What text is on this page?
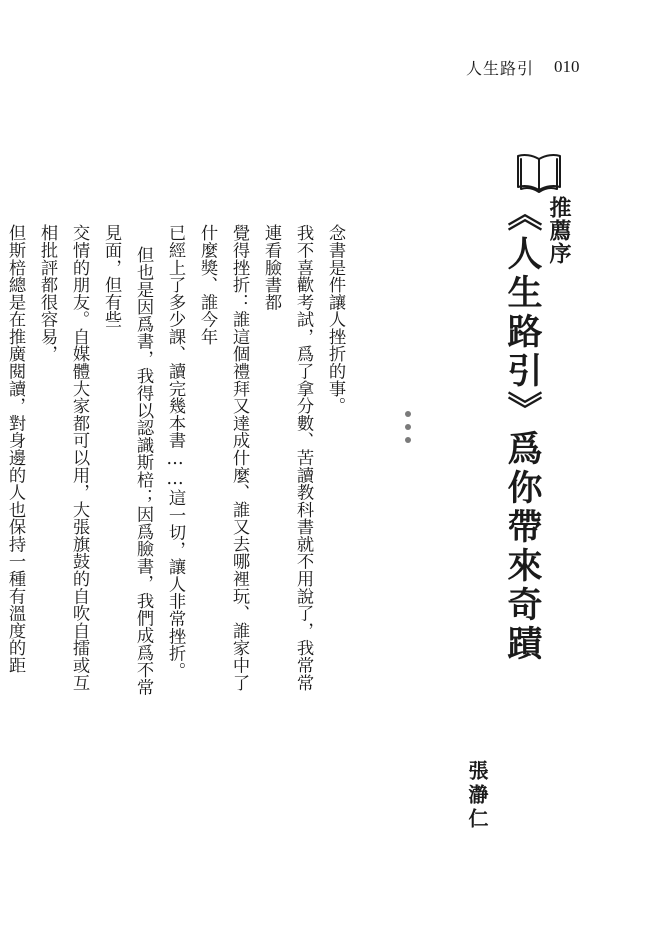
人生路引 010
推薦序
《人生路引》爲你帶來奇蹟

念書是件讓人挫折的事。

我不喜歡考試，爲了拿分數、苦讀教科書就不用說了，我常常連看臉書都

覺得挫折：誰這個禮拜又達成什麼、誰又去哪裡玩、誰家中了什麼獎、誰今年

已經上了多少課、讀完幾本書……這一切，讓人非常挫折。

但也是因爲書，我得以認識斯棓；因爲臉書，我們成爲不常見面，但有些

交情的朋友。自媒體大家都可以用，大張旗鼓的自吹自擂或互相批評都很容易，

但斯棓總是在推廣閱讀，對身邊的人也保持一種有溫度的距

張瀞仁
